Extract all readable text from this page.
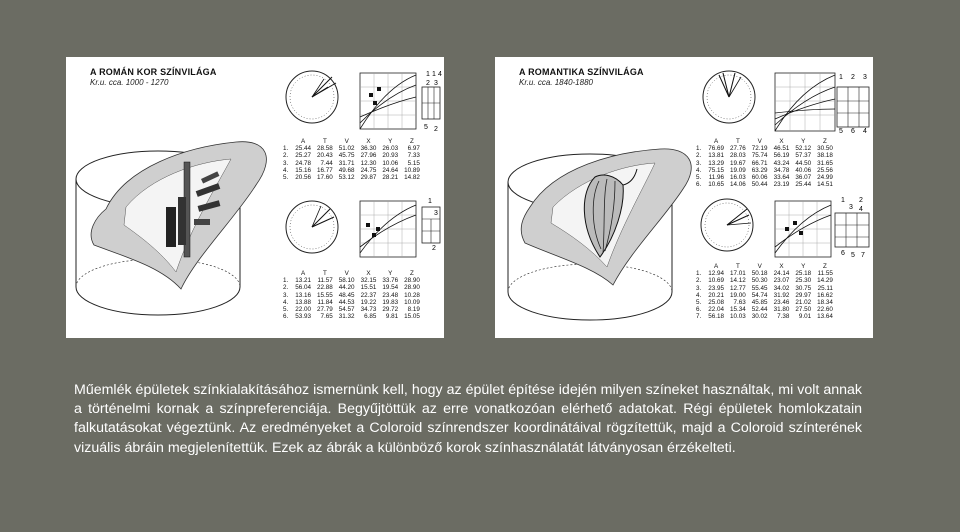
1 1 4
2 3
5 2
1
3
2
A ROMÁN KOR SZÍNVILÁGA
Kr.u. cca. 1000 - 1270
	A	T	V	X	Y	Z
1.	25.44	28.58	51.02	36.30	26.03	6.97
2.	25.27	20.43	45.75	27.96	20.93	7.33
3.	24.78	7.44	31.71	12.30	10.06	5.15
4.	15.16	16.77	49.68	24.75	24.64	10.89
5.	20.56	17.60	53.12	29.87	28.21	14.82
	A	T	V	X	Y	Z
1.	13.21	11.57	58.10	32.15	33.76	28.90
2.	56.04	22.88	44.20	15.51	19.54	28.90
3.	13.16	15.55	48.45	22.37	23.48	10.28
4.	13.88	11.84	44.53	19.22	19.83	10.09
5.	22.00	27.79	54.57	34.73	29.72	8.19
6.	53.93	7.65	31.32	6.85	9.81	15.05
1 2 3
5 6 4
1
3
2
4
6 5 7
A ROMANTIKA SZÍNVILÁGA
Kr.u. cca. 1840-1880
	A	T	V	X	Y	Z
1.	76.69	27.76	72.19	46.51	52.12	30.50
2.	13.81	28.03	75.74	56.19	57.37	38.18
3.	13.29	19.67	66.71	43.24	44.50	31.65
4.	75.15	19.09	63.29	34.78	40.06	25.56
5.	11.96	16.03	60.06	33.64	36.07	24.99
6.	10.65	14.06	50.44	23.19	25.44	14.51
	A	T	V	X	Y	Z
1.	12.94	17.01	50.18	24.14	25.18	11.55
2.	10.69	14.12	50.30	23.07	25.30	14.29
3.	23.95	12.77	55.45	34.02	30.75	25.11
4.	20.21	19.00	54.74	31.92	29.97	16.62
5.	25.08	7.63	45.85	23.46	21.02	18.34
6.	22.04	15.34	52.44	31.80	27.50	22.60
7.	56.18	10.03	30.02	7.38	9.01	13.64

Műemlék épületek színkialakításához ismernünk kell, hogy az épület építése idején milyen színeket használtak, mi volt annak a történelmi kornak a színpreferenciája. Begyűjtöttük az erre vonatkozóan elérhető adatokat. Régi épületek homlokzatain falkutatásokat végeztünk. Az eredményeket a Coloroid színrendszer koordinátáival rögzítettük, majd a Coloroid színterének vizuális ábráin megjelenítettük. Ezek az ábrák a különböző korok színhasználatát látványosan érzékelteti.
